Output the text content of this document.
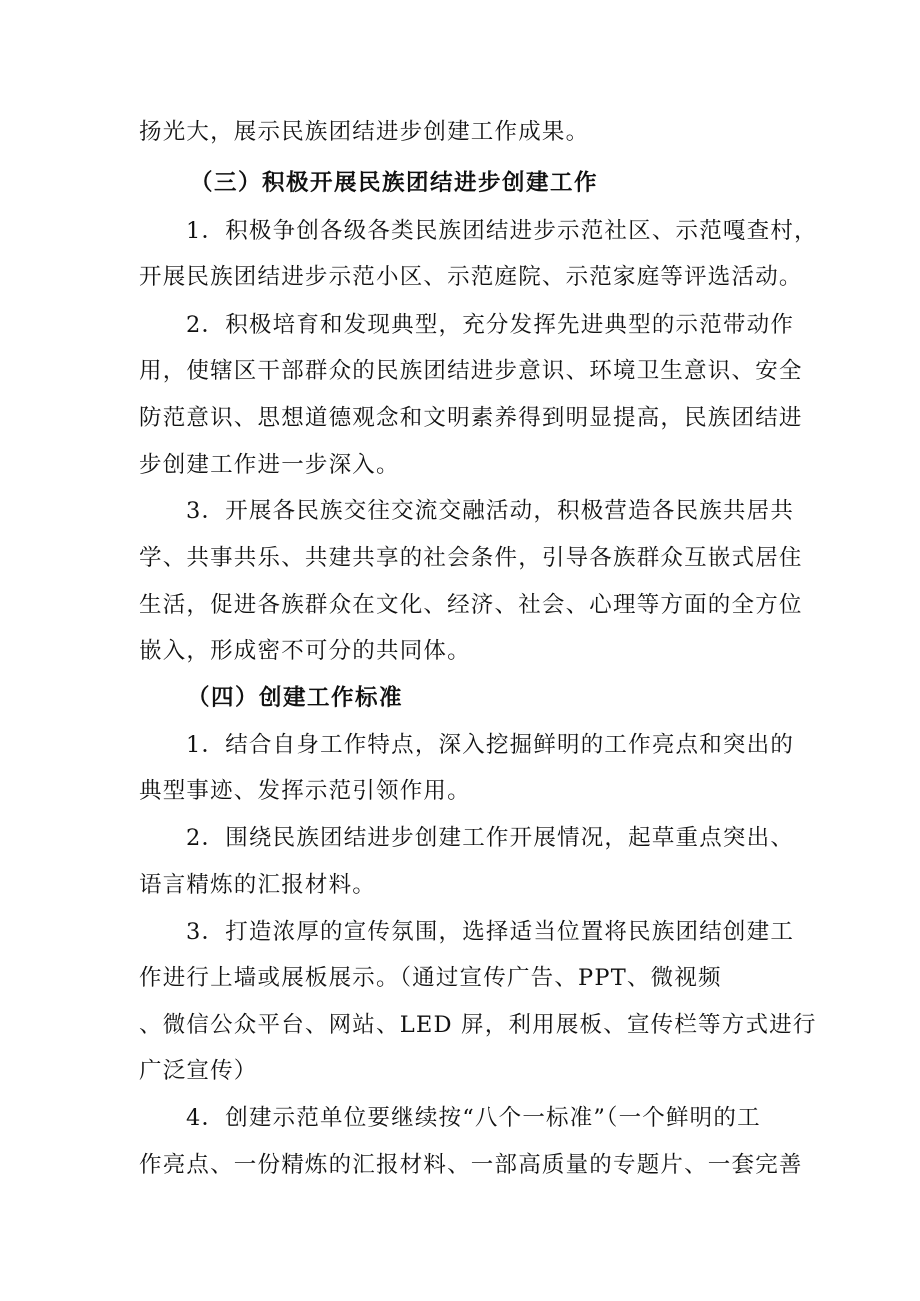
扬光大，展示民族团结进步创建工作成果。
（三）积极开展民族团结进步创建工作
1．积极争创各级各类民族团结进步示范社区、示范嘎查村，
开展民族团结进步示范小区、示范庭院、示范家庭等评选活动。
2．积极培育和发现典型，充分发挥先进典型的示范带动作
用，使辖区干部群众的民族团结进步意识、环境卫生意识、安全
防范意识、思想道德观念和文明素养得到明显提高，民族团结进
步创建工作进一步深入。
3．开展各民族交往交流交融活动，积极营造各民族共居共
学、共事共乐、共建共享的社会条件，引导各族群众互嵌式居住
生活，促进各族群众在文化、经济、社会、心理等方面的全方位
嵌入，形成密不可分的共同体。
（四）创建工作标准
1．结合自身工作特点，深入挖掘鲜明的工作亮点和突出的
典型事迹、发挥示范引领作用。
2．围绕民族团结进步创建工作开展情况，起草重点突出、
语言精炼的汇报材料。
3．打造浓厚的宣传氛围，选择适当位置将民族团结创建工
作进行上墙或展板展示。（通过宣传广告、PPT、微视频
、微信公众平台、网站、LED 屏，利用展板、宣传栏等方式进行
广泛宣传）
4．创建示范单位要继续按“八个一标准”（一个鲜明的工
作亮点、一份精炼的汇报材料、一部高质量的专题片、一套完善
